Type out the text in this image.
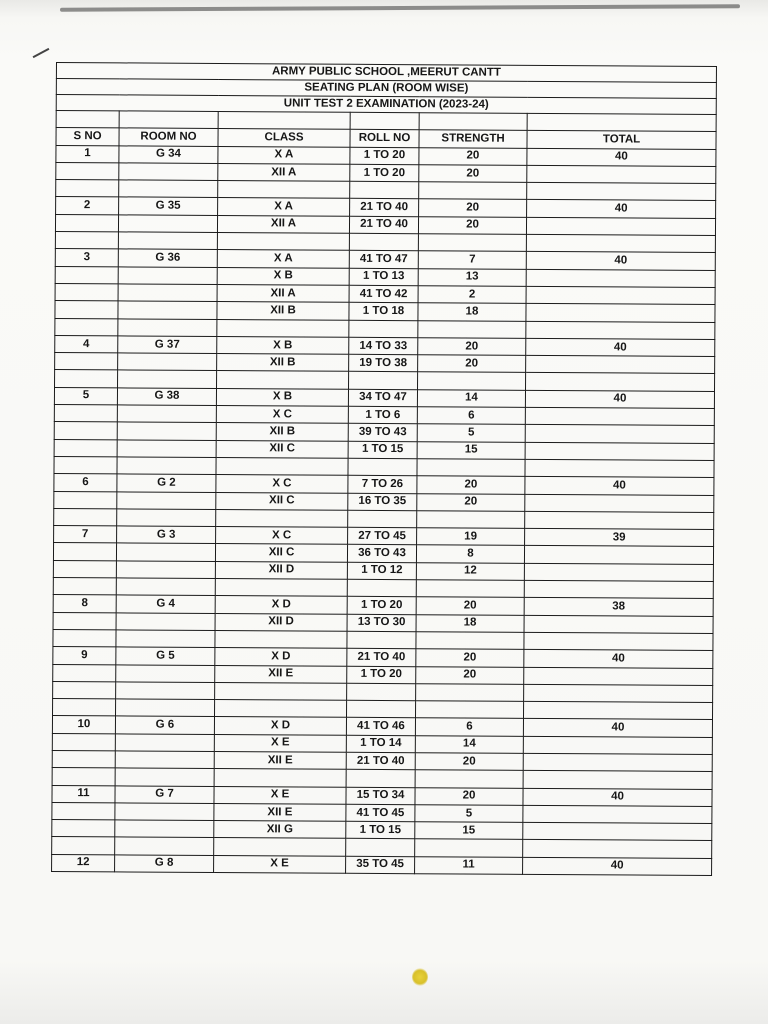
ARMY PUBLIC SCHOOL ,MEERUT CANTT					
SEATING PLAN (ROOM WISE)					
UNIT TEST 2 EXAMINATION (2023-24)					

S NO	ROOM NO	CLASS	ROLL NO	STRENGTH	TOTAL
1	G 34	X A	1 TO 20	20	40
		XII A	1 TO 20	20	

2	G 35	X A	21 TO 40	20	40
		XII A	21 TO 40	20	

3	G 36	X A	41 TO 47	7	40
		X B	1 TO 13	13	
		XII A	41 TO 42	2	
		XII B	1 TO 18	18	

4	G 37	X B	14 TO 33	20	40
		XII B	19 TO 38	20	

5	G 38	X B	34 TO 47	14	40
		X C	1 TO 6	6	
		XII B	39 TO 43	5	
		XII C	1 TO 15	15	

6	G 2	X C	7 TO 26	20	40
		XII C	16 TO 35	20	

7	G 3	X C	27 TO 45	19	39
		XII C	36 TO 43	8	
		XII D	1 TO 12	12	

8	G 4	X D	1 TO 20	20	38
		XII D	13 TO 30	18	

9	G 5	X D	21 TO 40	20	40
		XII E	1 TO 20	20	

10	G 6	X D	41 TO 46	6	40
		X E	1 TO 14	14	
		XII E	21 TO 40	20	

11	G 7	X E	15 TO 34	20	40
		XII E	41 TO 45	5	
		XII G	1 TO 15	15	

12	G 8	X E	35 TO 45	11	40
